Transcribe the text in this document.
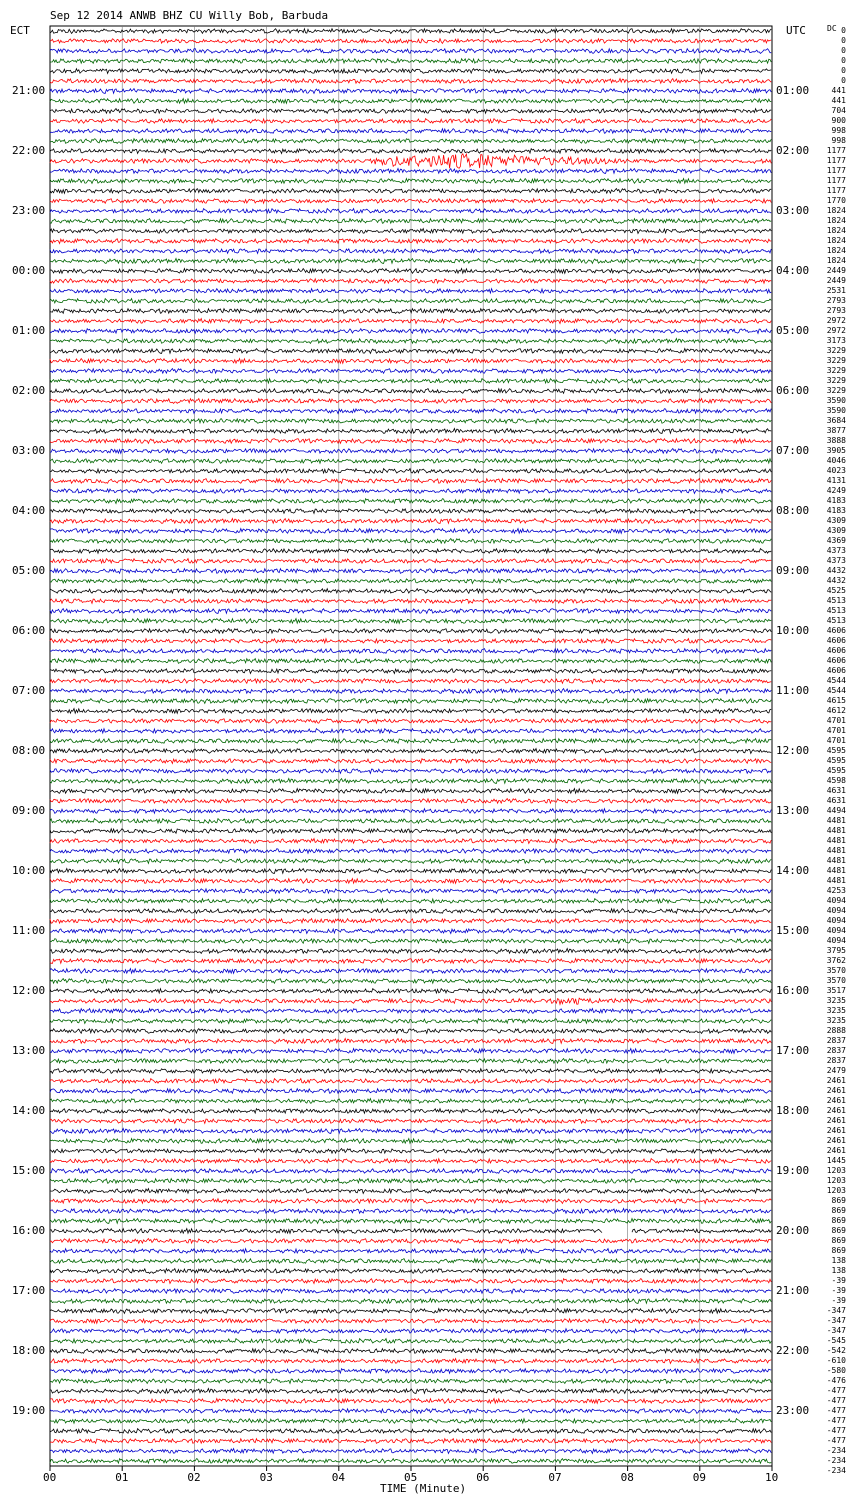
Sep 12 2014 ANWB BHZ CU Willy Bob, Barbuda
ECT	UTC	DC
TIME (Minute)
21:00
22:00
23:00
00:00
01:00
02:00
03:00
04:00
05:00
06:00
07:00
08:00
09:00
10:00
11:00
12:00
13:00
14:00
15:00
16:00
17:00
18:00
19:00
01:00
02:00
03:00
04:00
05:00
06:00
07:00
08:00
09:00
10:00
11:00
12:00
13:00
14:00
15:00
16:00
17:00
18:00
19:00
20:00
21:00
22:00
23:00
0
0
0
0
0
0
441
441
704
900
998
998
1177
1177
1177
1177
1177
1770
1824
1824
1824
1824
1824
1824
2449
2449
2531
2793
2793
2972
2972
3173
3229
3229
3229
3229
3229
3590
3590
3684
3877
3888
3905
4046
4023
4131
4249
4183
4183
4309
4309
4369
4373
4373
4432
4432
4525
4513
4513
4513
4606
4606
4606
4606
4606
4544
4544
4615
4612
4701
4701
4701
4595
4595
4595
4598
4631
4631
4494
4481
4481
4481
4481
4481
4481
4481
4253
4094
4094
4094
4094
4094
3795
3762
3570
3570
3517
3235
3235
3235
2888
2837
2837
2837
2479
2461
2461
2461
2461
2461
2461
2461
2461
1445
1203
1203
1203
869
869
869
869
869
869
138
138
-39
-39
-39
-347
-347
-347
-545
-542
-610
-580
-476
-477
-477
-477
-477
-477
-477
-234
-234
-234
00	01	02	03	04	05	06	07	08	09	10
